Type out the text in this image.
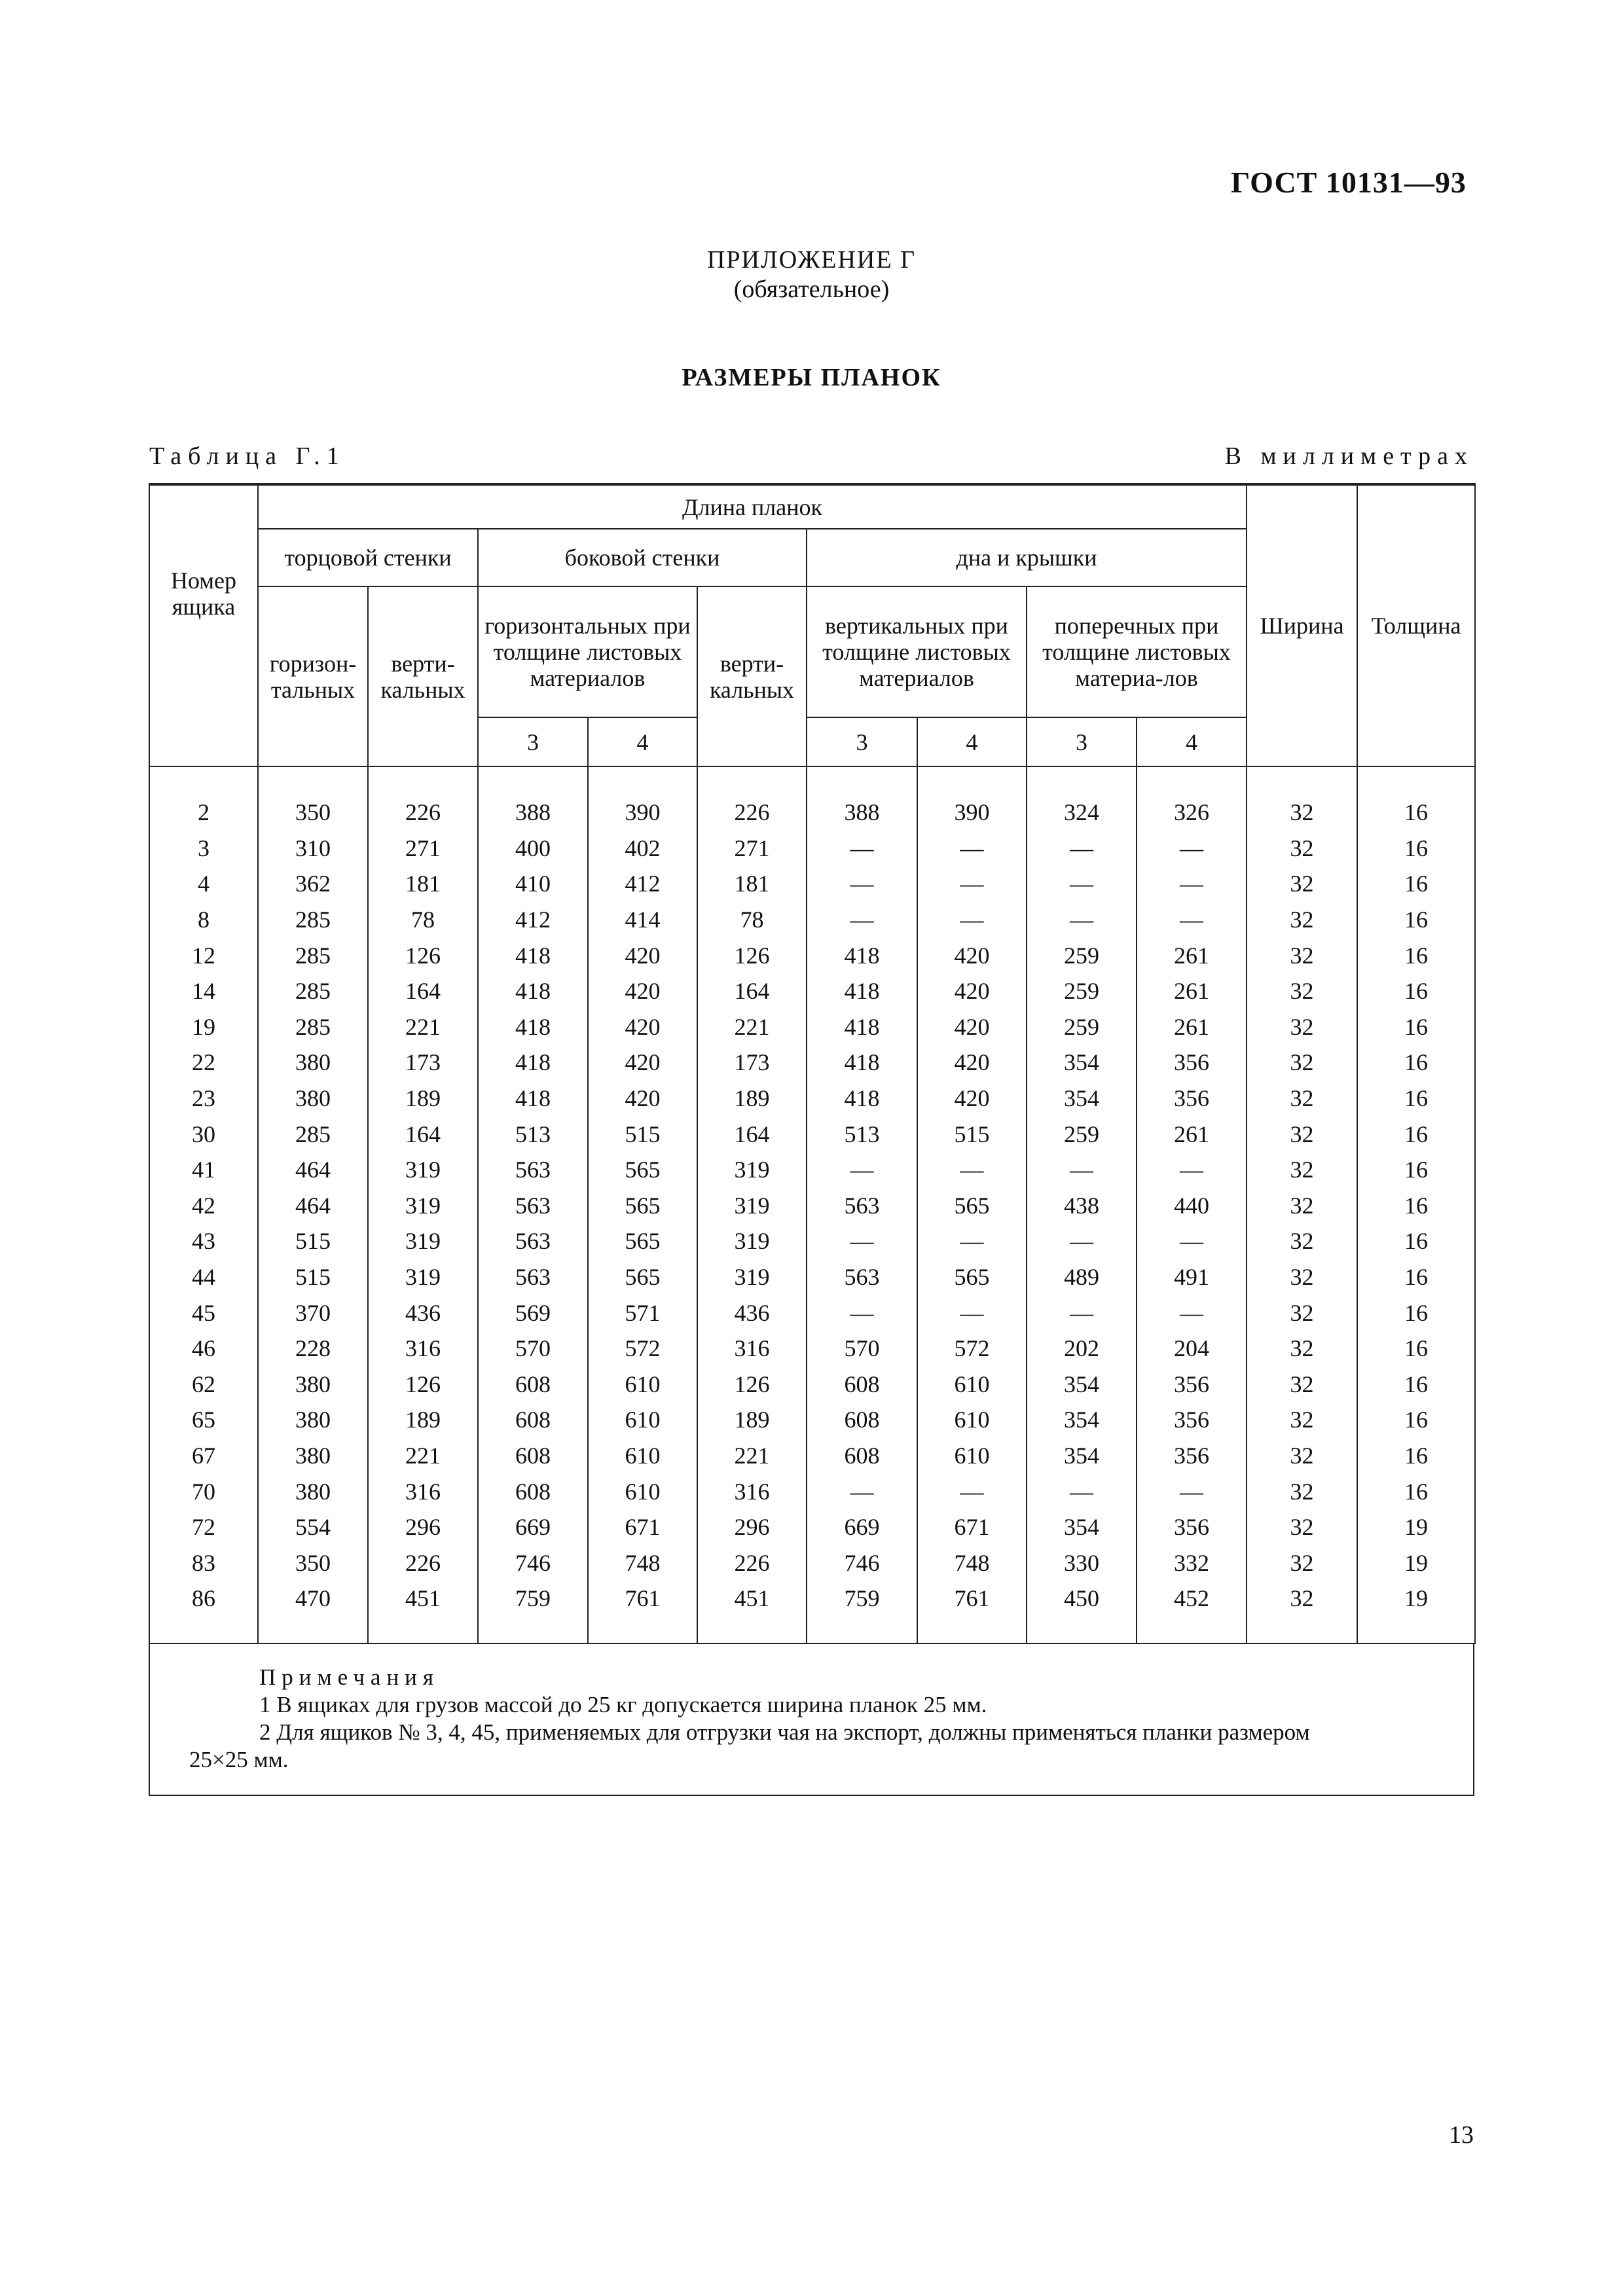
ГОСТ 10131—93
ПРИЛОЖЕНИЕ Г
(обязательное)
РАЗМЕРЫ ПЛАНОК
Таблица Г.1	В миллиметрах
Номер ящика	Длина планок									Ширина	Толщина
	торцовой стенки		боковой стенки			дна и крышки					
	горизон-тальных	верти-кальных	горизонтальных при толщине листовых материалов		верти-кальных	вертикальных при толщине листовых материалов		поперечных при толщине листовых материа-лов			
			3	4		3	4	3	4		

2	350	226	388	390	226	388	390	324	326	32	16
3	310	271	400	402	271	—	—	—	—	32	16
4	362	181	410	412	181	—	—	—	—	32	16
8	285	78	412	414	78	—	—	—	—	32	16
12	285	126	418	420	126	418	420	259	261	32	16
14	285	164	418	420	164	418	420	259	261	32	16
19	285	221	418	420	221	418	420	259	261	32	16
22	380	173	418	420	173	418	420	354	356	32	16
23	380	189	418	420	189	418	420	354	356	32	16
30	285	164	513	515	164	513	515	259	261	32	16
41	464	319	563	565	319	—	—	—	—	32	16
42	464	319	563	565	319	563	565	438	440	32	16
43	515	319	563	565	319	—	—	—	—	32	16
44	515	319	563	565	319	563	565	489	491	32	16
45	370	436	569	571	436	—	—	—	—	32	16
46	228	316	570	572	316	570	572	202	204	32	16
62	380	126	608	610	126	608	610	354	356	32	16
65	380	189	608	610	189	608	610	354	356	32	16
67	380	221	608	610	221	608	610	354	356	32	16
70	380	316	608	610	316	—	—	—	—	32	16
72	554	296	669	671	296	669	671	354	356	32	19
83	350	226	746	748	226	746	748	330	332	32	19
86	470	451	759	761	451	759	761	450	452	32	19

Примечания
1 В ящиках для грузов массой до 25 кг допускается ширина планок 25 мм.
2 Для ящиков № 3, 4, 45, применяемых для отгрузки чая на экспорт, должны применяться планки размером
25×25 мм.
13
